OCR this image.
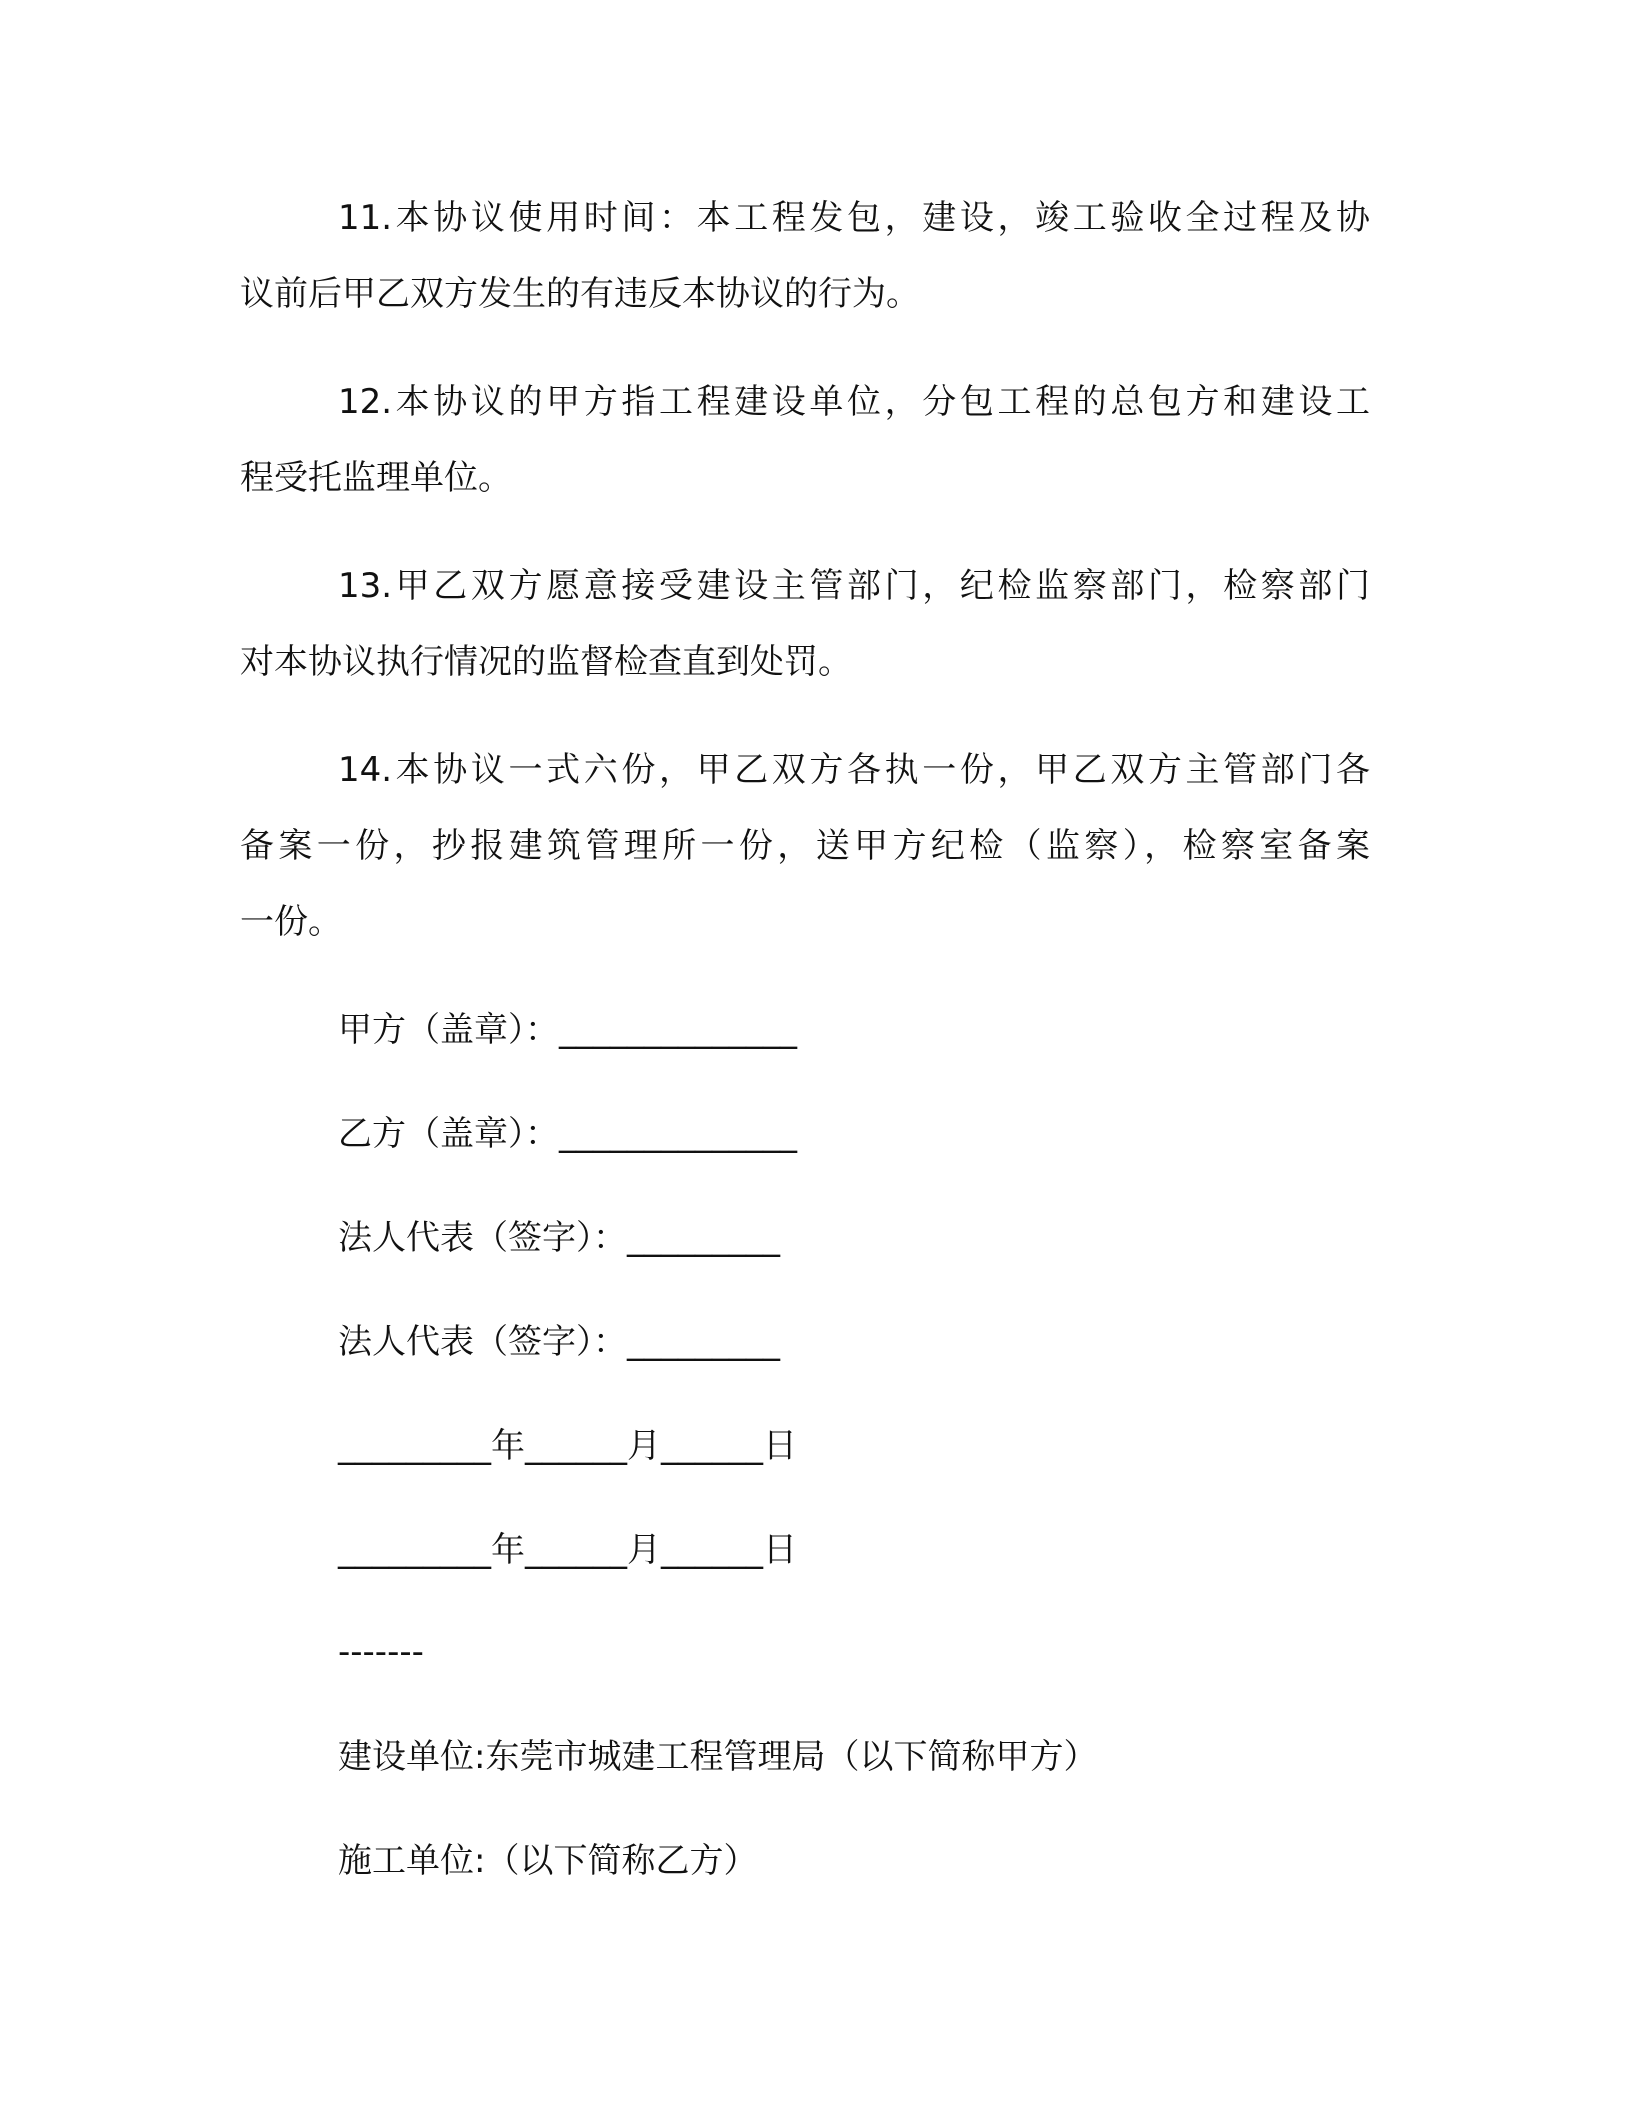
11.本协议使用时间：本工程发包，建设，竣工验收全过程及协
议前后甲乙双方发生的有违反本协议的行为。
12.本协议的甲方指工程建设单位，分包工程的总包方和建设工
程受托监理单位。
13.甲乙双方愿意接受建设主管部门，纪检监察部门，检察部门
对本协议执行情况的监督检查直到处罚。
14.本协议一式六份，甲乙双方各执一份，甲乙双方主管部门各
备案一份，抄报建筑管理所一份，送甲方纪检（监察），检察室备案
一份。
甲方（盖章）：______________
乙方（盖章）：______________
法人代表（签字）：_________
法人代表（签字）：_________
_________年______月______日
_________年______月______日
-------
建设单位:东莞市城建工程管理局（以下简称甲方）
施工单位:（以下简称乙方）
